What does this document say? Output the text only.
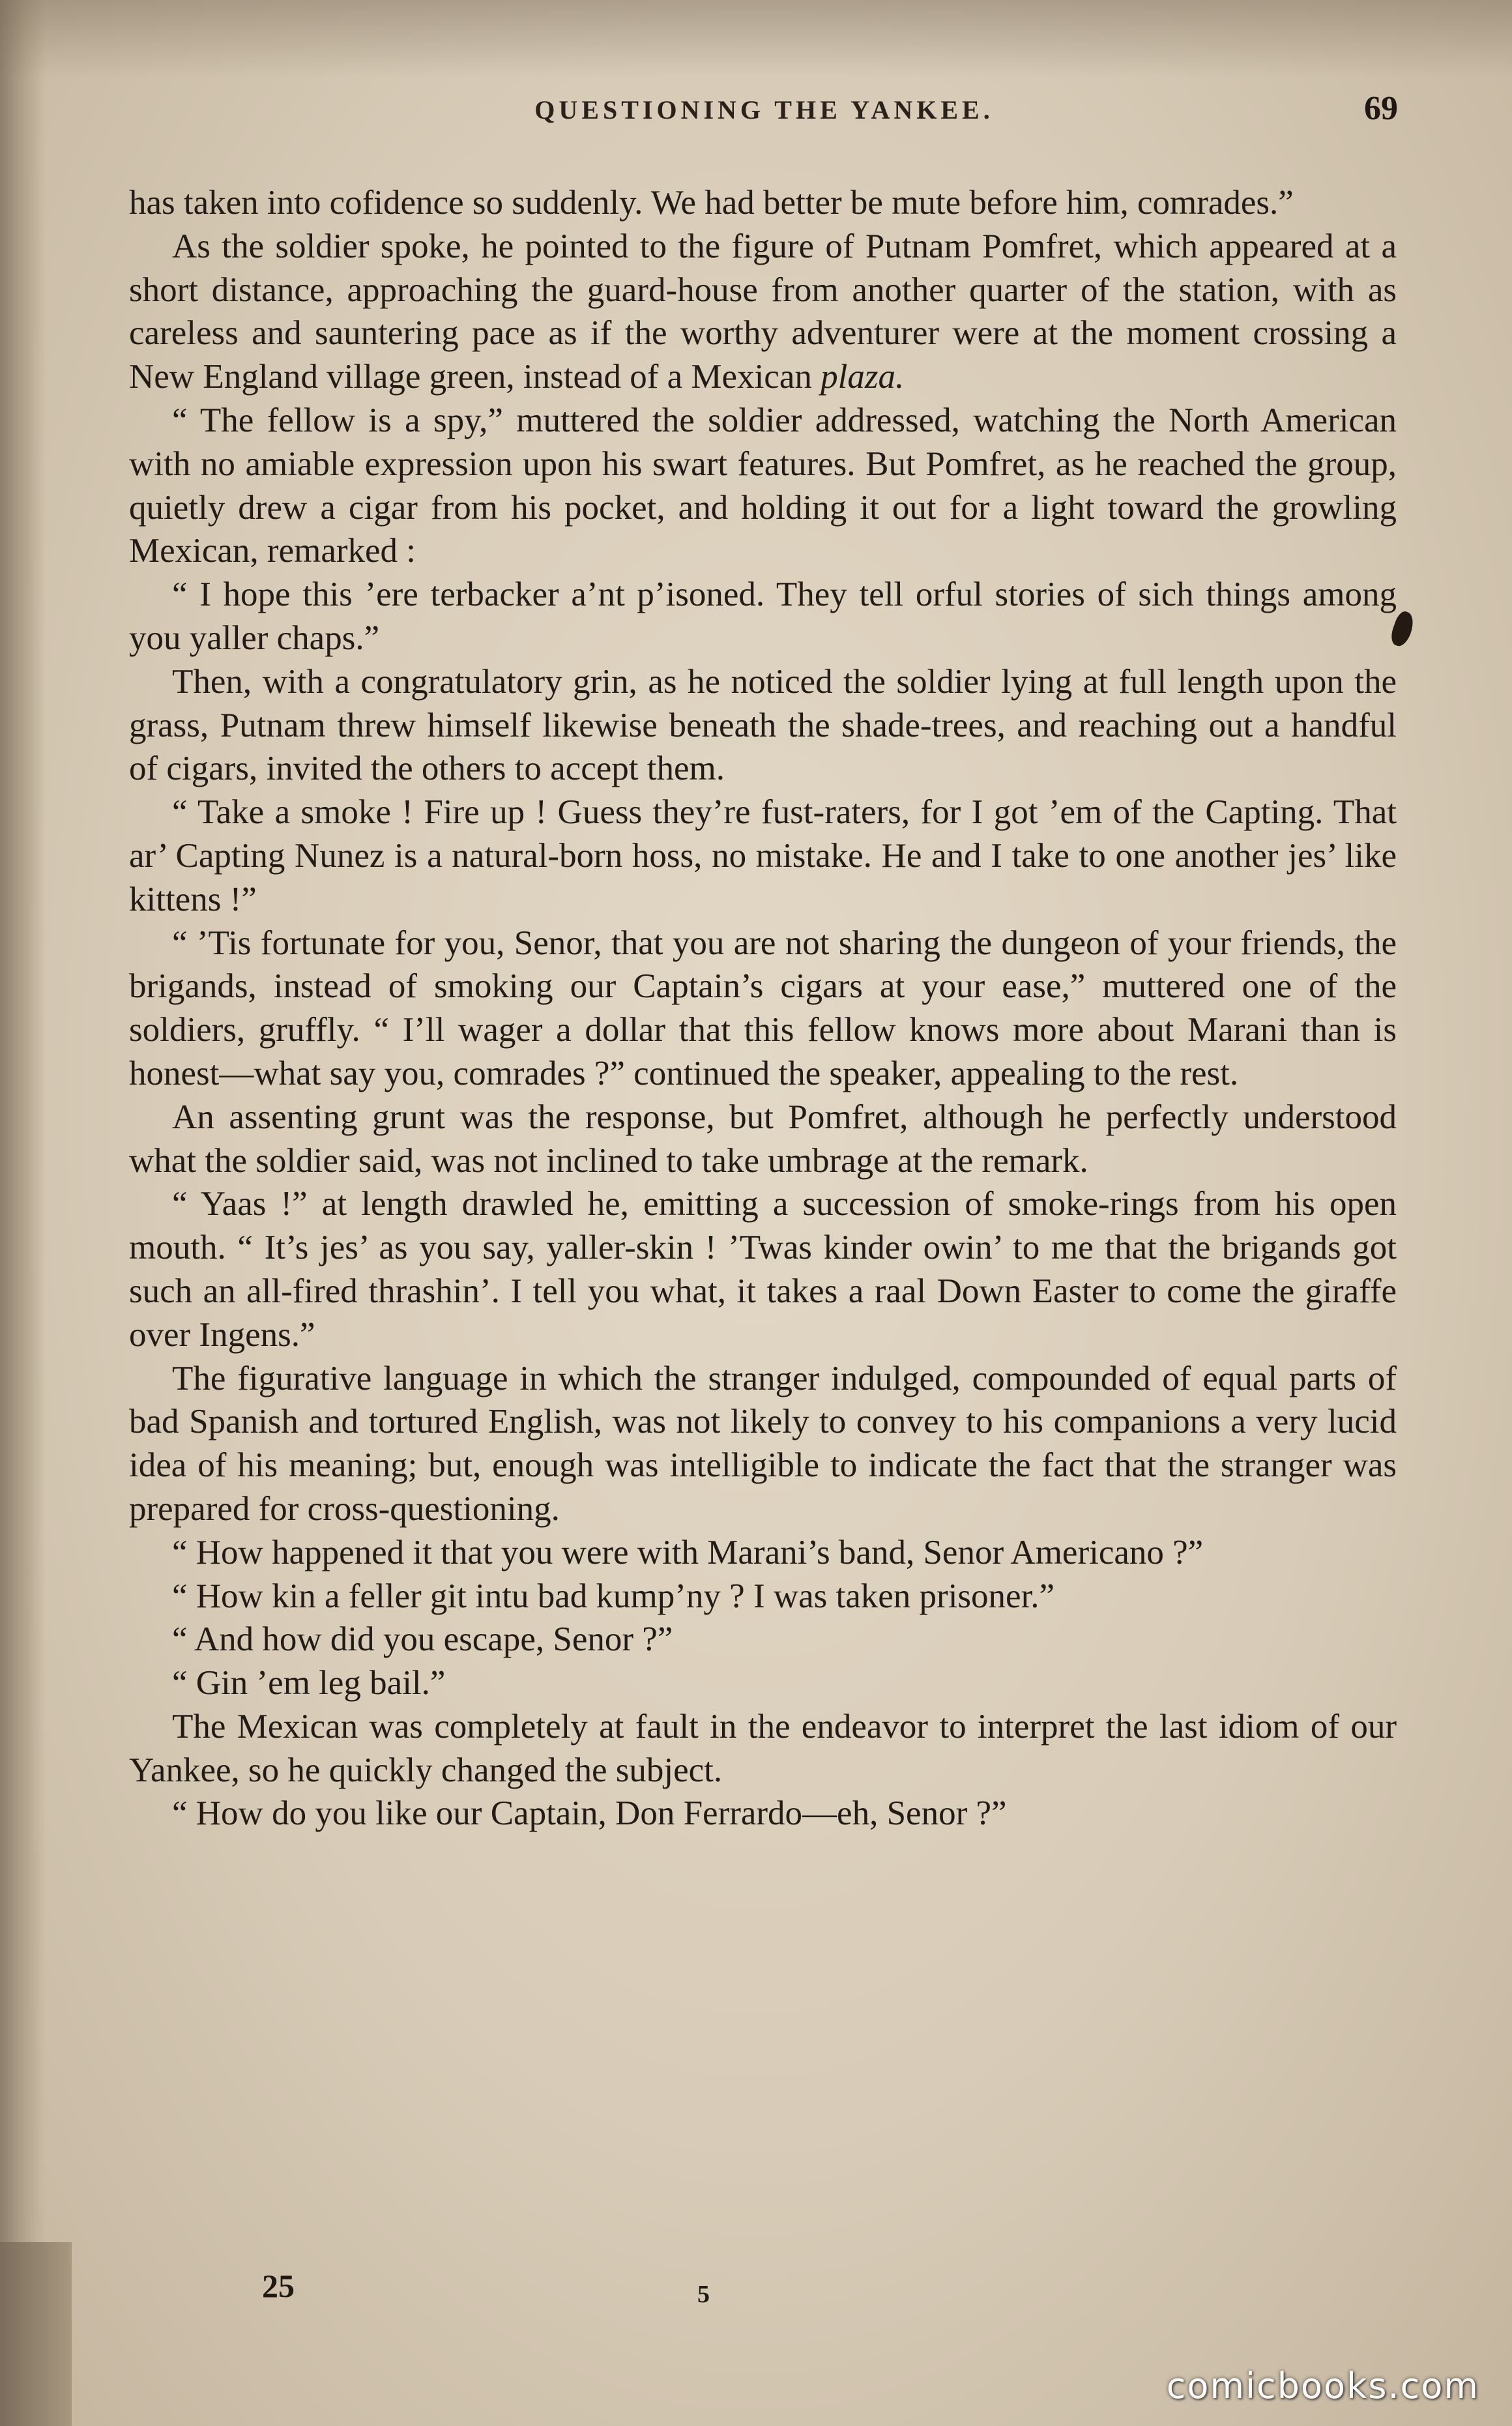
QUESTIONING THE YANKEE.	69

has taken into cofidence so suddenly. We had better be mute before him, comrades.”

As the soldier spoke, he pointed to the figure of Putnam Pomfret, which appeared at a short distance, approaching the guard-house from another quarter of the station, with as careless and sauntering pace as if the worthy adventurer were at the moment crossing a New England village green, instead of a Mexican plaza.

“ The fellow is a spy,” muttered the soldier addressed, watching the North American with no amiable expression upon his swart features. But Pomfret, as he reached the group, quietly drew a cigar from his pocket, and holding it out for a light toward the growling Mexican, remarked :

“ I hope this ’ere terbacker a’nt p’isoned. They tell orful stories of sich things among you yaller chaps.”

Then, with a congratulatory grin, as he noticed the soldier lying at full length upon the grass, Putnam threw himself likewise beneath the shade-trees, and reaching out a handful of cigars, invited the others to accept them.

“ Take a smoke ! Fire up ! Guess they’re fust-raters, for I got ’em of the Capting. That ar’ Capting Nunez is a natural-born hoss, no mistake. He and I take to one another jes’ like kittens !”

“ ’Tis fortunate for you, Senor, that you are not sharing the dungeon of your friends, the brigands, instead of smoking our Captain’s cigars at your ease,” muttered one of the soldiers, gruffly. “ I’ll wager a dollar that this fellow knows more about Marani than is honest—what say you, comrades ?” continued the speaker, appealing to the rest.

An assenting grunt was the response, but Pomfret, although he perfectly understood what the soldier said, was not inclined to take umbrage at the remark.

“ Yaas !” at length drawled he, emitting a succession of smoke-rings from his open mouth. “ It’s jes’ as you say, yaller-skin ! ’Twas kinder owin’ to me that the brigands got such an all-fired thrashin’. I tell you what, it takes a raal Down Easter to come the giraffe over Ingens.”

The figurative language in which the stranger indulged, compounded of equal parts of bad Spanish and tortured English, was not likely to convey to his companions a very lucid idea of his meaning; but, enough was intelligible to indicate the fact that the stranger was prepared for cross-questioning.

“ How happened it that you were with Marani’s band, Senor Americano ?”

“ How kin a feller git intu bad kump’ny ? I was taken prisoner.”

“ And how did you escape, Senor ?”

“ Gin ’em leg bail.”

The Mexican was completely at fault in the endeavor to interpret the last idiom of our Yankee, so he quickly changed the subject.

“ How do you like our Captain, Don Ferrardo—eh, Senor ?”

25	5
comicbooks.com
